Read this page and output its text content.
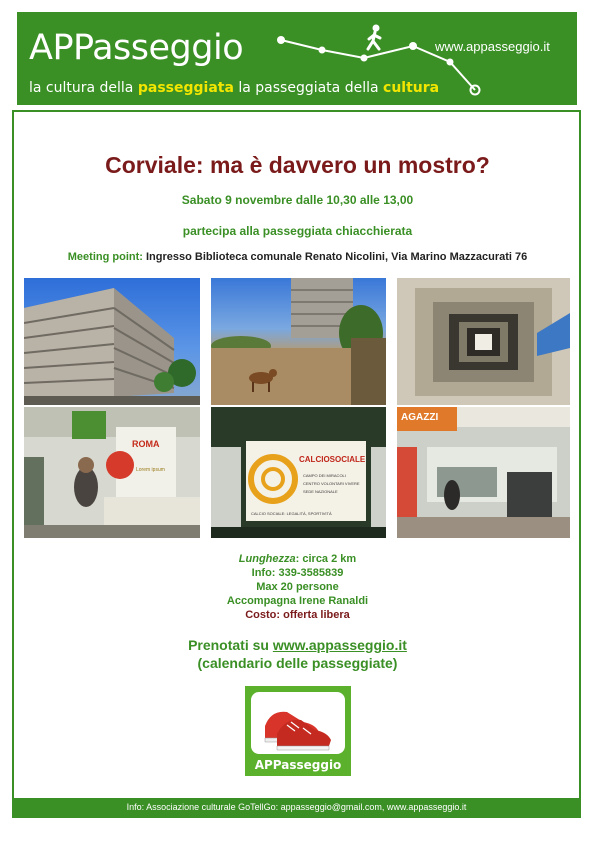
APPasseggio
la cultura della passeggiata la passeggiata della cultura
www.appasseggio.it
Corviale: ma è davvero un mostro?
Sabato 9 novembre dalle 10,30 alle 13,00
partecipa alla passeggiata chiacchierata
Meeting point: Ingresso Biblioteca comunale Renato Nicolini, Via Marino Mazzacurati 76
ROMA
Lorem ipsum
CALCIOSOCIALE
CAMPO DEI MIRACOLI
CENTRO VOLONTARI VIVERE
SEDE NAZIONALE
CALCIO SOCIALE: LEGALITÀ, SPORTIVITÀ
AGAZZI
Lunghezza: circa 2 km
Info: 339-3585839
Max 20 persone
Accompagna Irene Ranaldi
Costo: offerta libera
Prenotati su www.appasseggio.it
(calendario delle passeggiate)
APPasseggio
Info: Associazione culturale GoTellGo: appasseggio@gmail.com, www.appasseggio.it
